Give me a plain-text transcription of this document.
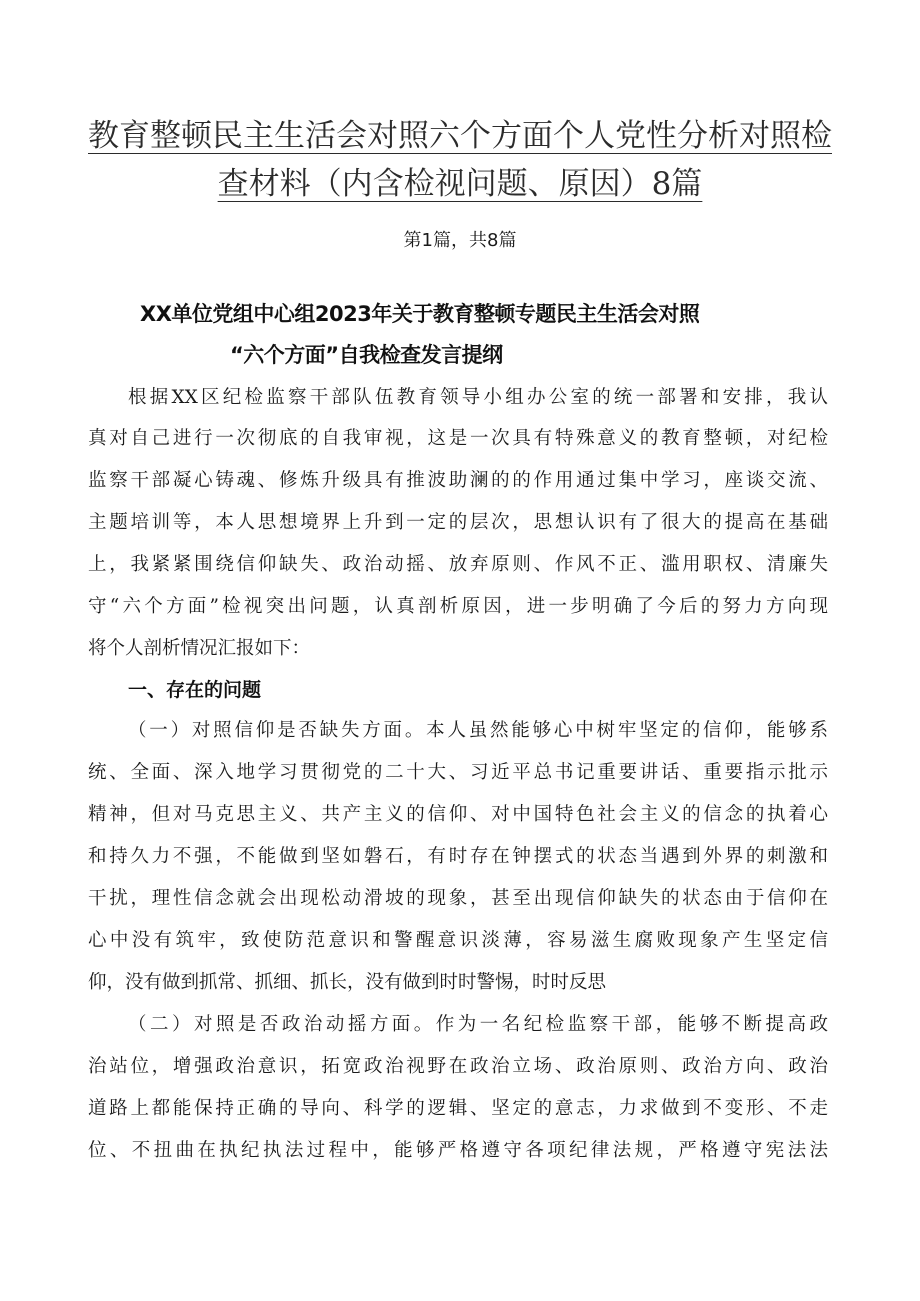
教育整顿民主生活会对照六个方面个人党性分析对照检
查材料（内含检视问题、原因）8篇
第1篇，共8篇
XX单位党组中心组2023年关于教育整顿专题民主生活会对照
“六个方面”自我检查发言提纲
根据XX区纪检监察干部队伍教育领导小组办公室的统一部署和安排，我认
真对自己进行一次彻底的自我审视，这是一次具有特殊意义的教育整顿，对纪检
监察干部凝心铸魂、修炼升级具有推波助澜的的作用通过集中学习，座谈交流、
主题培训等，本人思想境界上升到一定的层次，思想认识有了很大的提高在基础
上，我紧紧围绕信仰缺失、政治动摇、放弃原则、作风不正、滥用职权、清廉失
守“六个方面”检视突出问题，认真剖析原因，进一步明确了今后的努力方向现
将个人剖析情况汇报如下：
一、存在的问题
（一）对照信仰是否缺失方面。本人虽然能够心中树牢坚定的信仰，能够系
统、全面、深入地学习贯彻党的二十大、习近平总书记重要讲话、重要指示批示
精神，但对马克思主义、共产主义的信仰、对中国特色社会主义的信念的执着心
和持久力不强，不能做到坚如磐石，有时存在钟摆式的状态当遇到外界的刺激和
干扰，理性信念就会出现松动滑坡的现象，甚至出现信仰缺失的状态由于信仰在
心中没有筑牢，致使防范意识和警醒意识淡薄，容易滋生腐败现象产生坚定信
仰，没有做到抓常、抓细、抓长，没有做到时时警惕，时时反思
（二）对照是否政治动摇方面。作为一名纪检监察干部，能够不断提高政
治站位，增强政治意识，拓宽政治视野在政治立场、政治原则、政治方向、政治
道路上都能保持正确的导向、科学的逻辑、坚定的意志，力求做到不变形、不走
位、不扭曲在执纪执法过程中，能够严格遵守各项纪律法规，严格遵守宪法法
